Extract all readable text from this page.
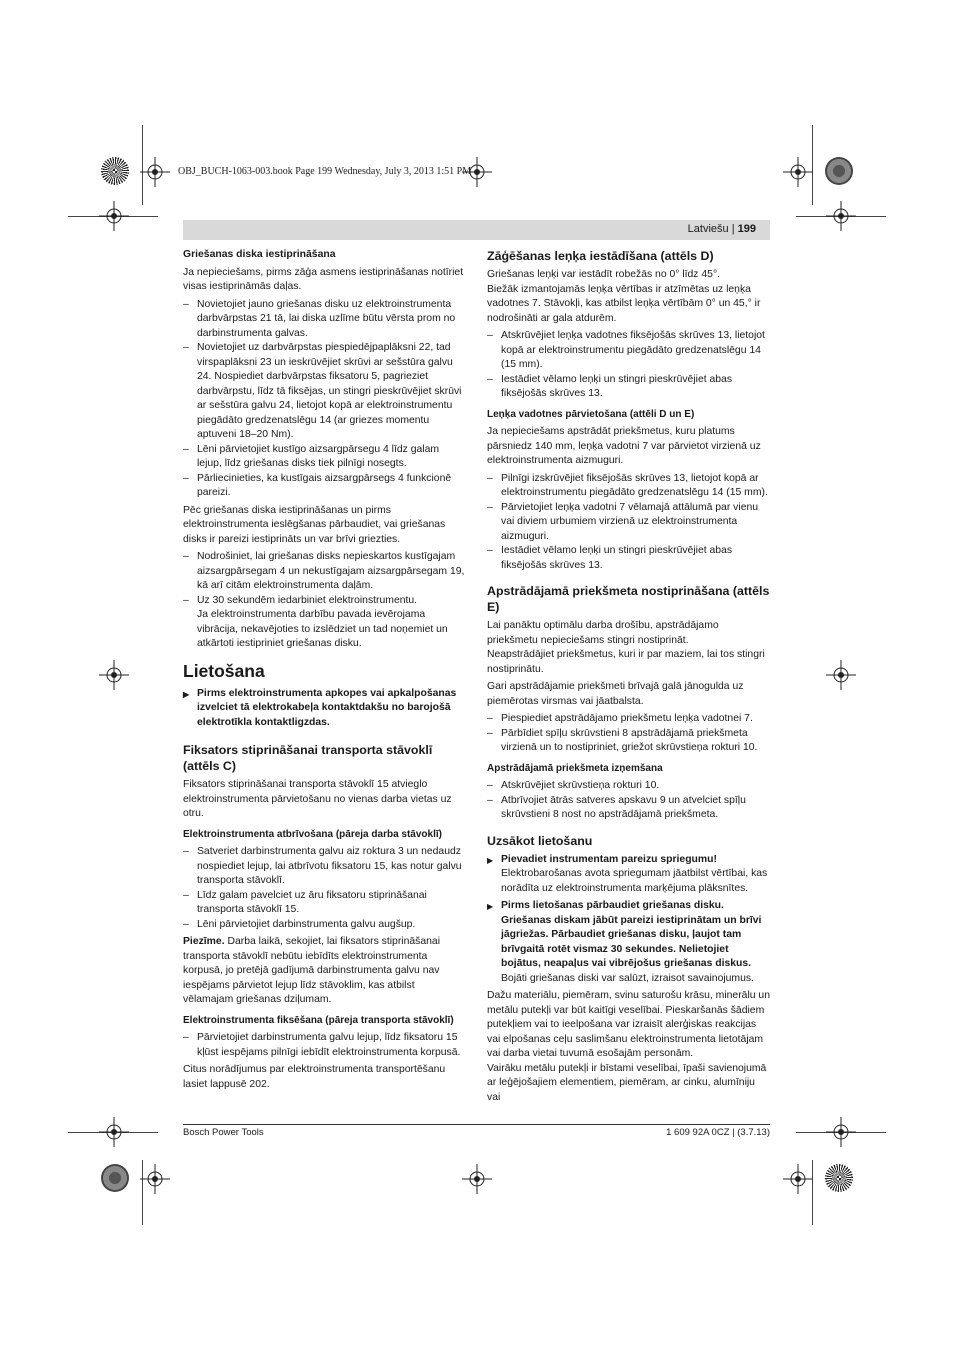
OBJ_BUCH-1063-003.book Page 199 Wednesday, July 3, 2013 1:51 PM
Latviešu | 199
Griešanas diska iestiprināšana

Ja nepieciešams, pirms zāģa asmens iestiprināšanas notīriet visas iestiprināmās daļas.

– Novietojiet jauno griešanas disku uz elektroinstrumenta darbvārpstas 21 tā, lai diska uzlīme būtu vērsta prom no darbinstrumenta galvas.
– Novietojiet uz darbvārpstas piespiedējpaplāksni 22, tad virspaplāksni 23 un ieskrūvējiet skrūvi ar sešstūra galvu 24. Nospiediet darbvārpstas fiksatoru 5, pagrieziet darbvārpstu, līdz tā fiksējas, un stingri pieskrūvējiet skrūvi ar sešstūra galvu 24, lietojot kopā ar elektroinstrumentu piegādāto gredzenatslēgu 14 (ar griezes momentu aptuveni 18–20 Nm).
– Lēni pārvietojiet kustīgo aizsargpārsegu 4 līdz galam lejup, līdz griešanas disks tiek pilnīgi nosegts.
– Pārliecinieties, ka kustīgais aizsargpārsegs 4 funkcionē pareizi.

Pēc griešanas diska iestiprināšanas un pirms elektroinstrumenta ieslēgšanas pārbaudiet, vai griešanas disks ir pareizi iestiprināts un var brīvi griezties.

– Nodrošiniet, lai griešanas disks nepieskartos kustīgajam aizsargpārsegam 4 un nekustīgajam aizsargpārsegam 19, kā arī citām elektroinstrumenta daļām.
– Uz 30 sekundēm iedarbiniet elektroinstrumentu.
Ja elektroinstrumenta darbību pavada ievērojama vibrācija, nekavējoties to izslēdziet un tad noņemiet un atkārtoti iestipriniet griešanas disku.
Lietošana
▶ Pirms elektroinstrumenta apkopes vai apkalpošanas izvelciet tā elektrokabeļa kontaktdakšu no barojošā elektrotīkla kontaktligzdas.
Fiksators stiprināšanai transporta stāvoklī (attēls C)

Fiksators stiprināšanai transporta stāvoklī 15 atvieglo elektroinstrumenta pārvietošanu no vienas darba vietas uz otru.

Elektroinstrumenta atbrīvošana (pāreja darba stāvoklī)
– Satveriet darbinstrumenta galvu aiz roktura 3 un nedaudz nospiediet lejup, lai atbrīvotu fiksatoru 15, kas notur galvu transporta stāvoklī.
– Līdz galam pavelciet uz āru fiksatoru stiprināšanai transporta stāvoklī 15.
– Lēni pārvietojiet darbinstrumenta galvu augšup.

Piezīme. Darba laikā, sekojiet, lai fiksators stiprināšanai transporta stāvoklī nebūtu iebīdīts elektroinstrumenta korpusā, jo pretējā gadījumā darbinstrumenta galvu nav iespējams pārvietot lejup līdz stāvoklim, kas atbilst vēlamajam griešanas dziļumam.

Elektroinstrumenta fiksēšana (pāreja transporta stāvoklī)
– Pārvietojiet darbinstrumenta galvu lejup, līdz fiksatoru 15 kļūst iespējams pilnīgi iebīdīt elektroinstrumenta korpusā.

Citus norādījumus par elektroinstrumenta transportēšanu lasiet lappusē 202.

Zāģēšanas leņķa iestādīšana (attēls D)

Griešanas leņķi var iestādīt robežās no 0° līdz 45°.

Biežāk izmantojamās leņķa vērtības ir atzīmētas uz leņķa vadotnes 7. Stāvokļi, kas atbilst leņķa vērtībām 0° un 45,° ir nodrošināti ar gala atdurēm.

– Atskrūvējiet leņķa vadotnes fiksējošās skrūves 13, lietojot kopā ar elektroinstrumentu piegādāto gredzenatslēgu 14 (15 mm).
– Iestādiet vēlamo leņķi un stingri pieskrūvējiet abas fiksējošās skrūves 13.
Leņķa vadotnes pārvietošana (attēli D un E)

Ja nepieciešams apstrādāt priekšmetus, kuru platums pārsniedz 140 mm, leņķa vadotni 7 var pārvietot virzienā uz elektroinstrumenta aizmuguri.

– Pilnīgi izskrūvējiet fiksējošās skrūves 13, lietojot kopā ar elektroinstrumentu piegādāto gredzenatslēgu 14 (15 mm).
– Pārvietojiet leņķa vadotni 7 vēlamajā attālumā par vienu vai diviem urbumiem virzienā uz elektroinstrumenta aizmuguri.
– Iestādiet vēlamo leņķi un stingri pieskrūvējiet abas fiksējošās skrūves 13.
Apstrādājamā priekšmeta nostiprināšana (attēls E)

Lai panāktu optimālu darba drošību, apstrādājamo priekšmetu nepieciešams stingri nostiprināt.

Neapstrādājiet priekšmetus, kuri ir par maziem, lai tos stingri nostiprinātu.

Gari apstrādājamie priekšmeti brīvajā galā jānogulda uz piemērotas virsmas vai jāatbalsta.

– Piespiediet apstrādājamo priekšmetu leņķa vadotnei 7.
– Pārbīdiet spīļu skrūvstieni 8 apstrādājamā priekšmeta virzienā un to nostipriniet, griežot skrūvstieņa rokturi 10.
Apstrādājamā priekšmeta izņemšana
– Atskrūvējiet skrūvstieņa rokturi 10.
– Atbrīvojiet ātrās satveres apskavu 9 un atvelciet spīļu skrūvstieni 8 nost no apstrādājamā priekšmeta.
Uzsākot lietošanu
▶ Pievadiet instrumentam pareizu spriegumu! Elektrobarošanas avota spriegumam jāatbilst vērtībai, kas norādīta uz elektroinstrumenta marķējuma plāksnītes.
▶ Pirms lietošanas pārbaudiet griešanas disku. Griešanas diskam jābūt pareizi iestiprinātam un brīvi jāgriežas. Pārbaudiet griešanas disku, ļaujot tam brīvgaitā rotēt vismaz 30 sekundes. Nelietojiet bojātus, neapaļus vai vibrējošus griešanas diskus. Bojāti griešanas diski var salūzt, izraisot savainojumus.

Dažu materiālu, piemēram, svinu saturošu krāsu, minerālu un metālu putekļi var būt kaitīgi veselībai. Pieskaršanās šādiem putekļiem vai to ieelpošana var izraisīt alerģiskas reakcijas vai elpošanas ceļu saslimšanu elektroinstrumenta lietotājam vai darba vietai tuvumā esošajām personām.

Vairāku metālu putekļi ir bīstami veselībai, īpaši savienojumā ar leģējošajiem elementiem, piemēram, ar cinku, alumīniju vai

Bosch Power Tools	1 609 92A 0CZ | (3.7.13)
